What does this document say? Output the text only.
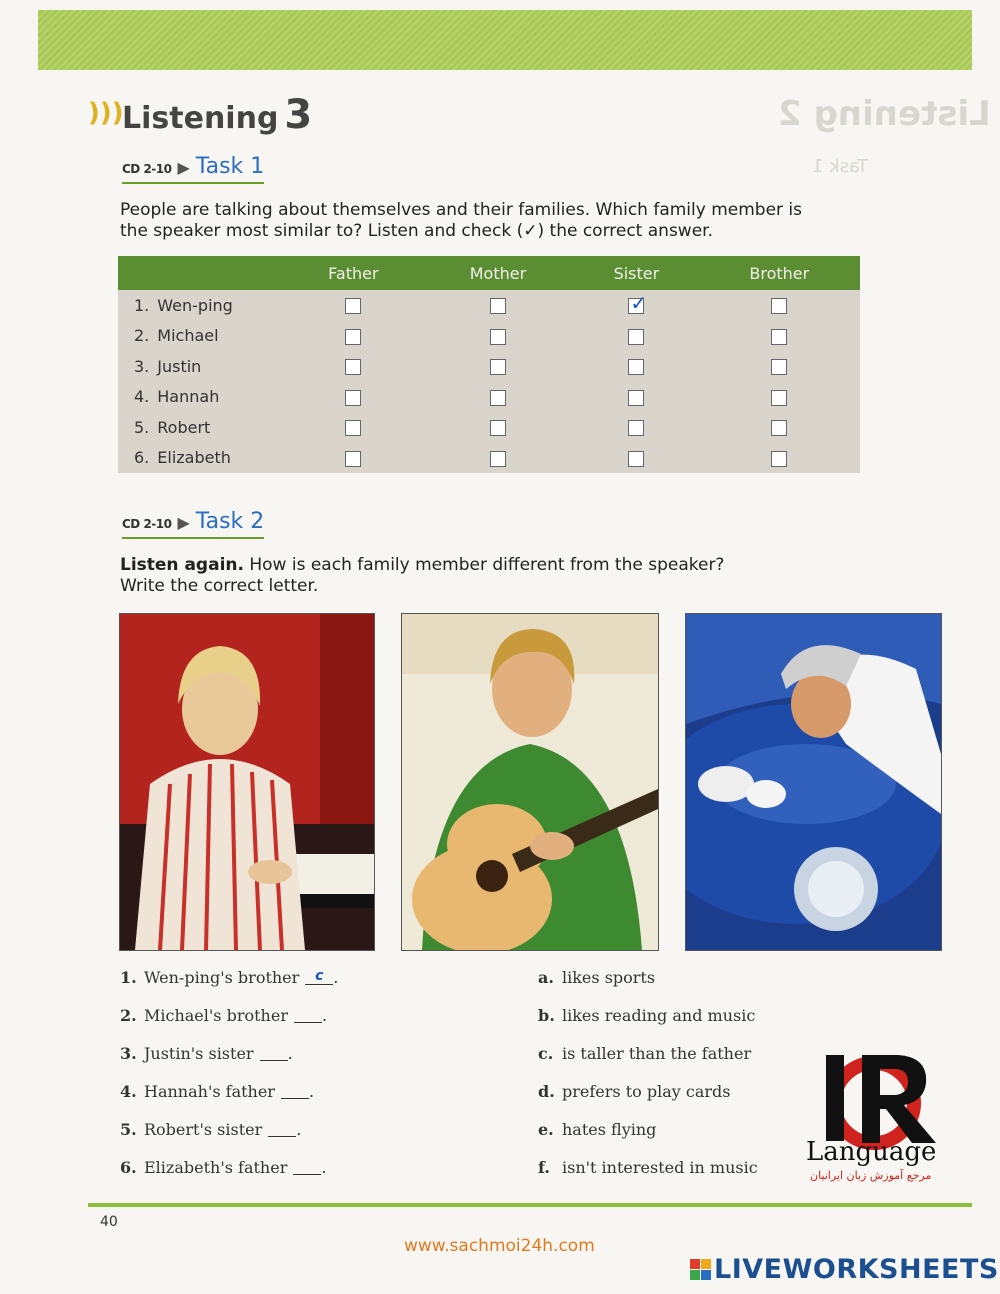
Listening 2
Task 1
)))
Listening 3
CD 2-10 ▶ Task 1
People are talking about themselves and their families. Which family member is the speaker most similar to? Listen and check (✓) the correct answer.
	Father	Mother	Sister	Brother
1. Wen-ping			✓	
2. Michael				
3. Justin				
4. Hannah				
5. Robert				
6. Elizabeth				
CD 2-10 ▶ Task 2
Listen again. How is each family member different from the speaker? Write the correct letter.
1. Wen-ping's brother	c .
2. Michael's brother .
3. Justin's sister .
4. Hannah's father .
5. Robert's sister .
6. Elizabeth's father .
a. likes sports
b. likes reading and music
c. is taller than the father
d. prefers to play cards
e. hates flying
f. isn't interested in music
Language
مرجع آموزش زبان ایرانیان
40
www.sachmoi24h.com
LIVEWORKSHEETS
